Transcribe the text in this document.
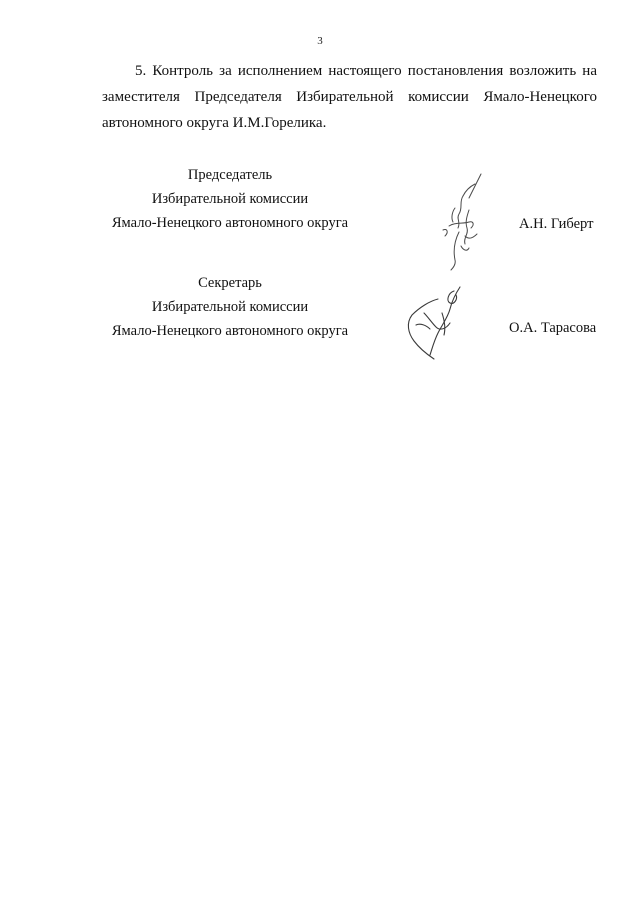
3

5. Контроль за исполнением настоящего постановления возложить на заместителя Председателя Избирательной комиссии Ямало-Ненецкого автономного округа И.М.Горелика.

Председатель
Избирательной комиссии
Ямало-Ненецкого автономного округа	А.Н. Гиберт
Секретарь
Избирательной комиссии
Ямало-Ненецкого автономного округа	О.А. Тарасова
